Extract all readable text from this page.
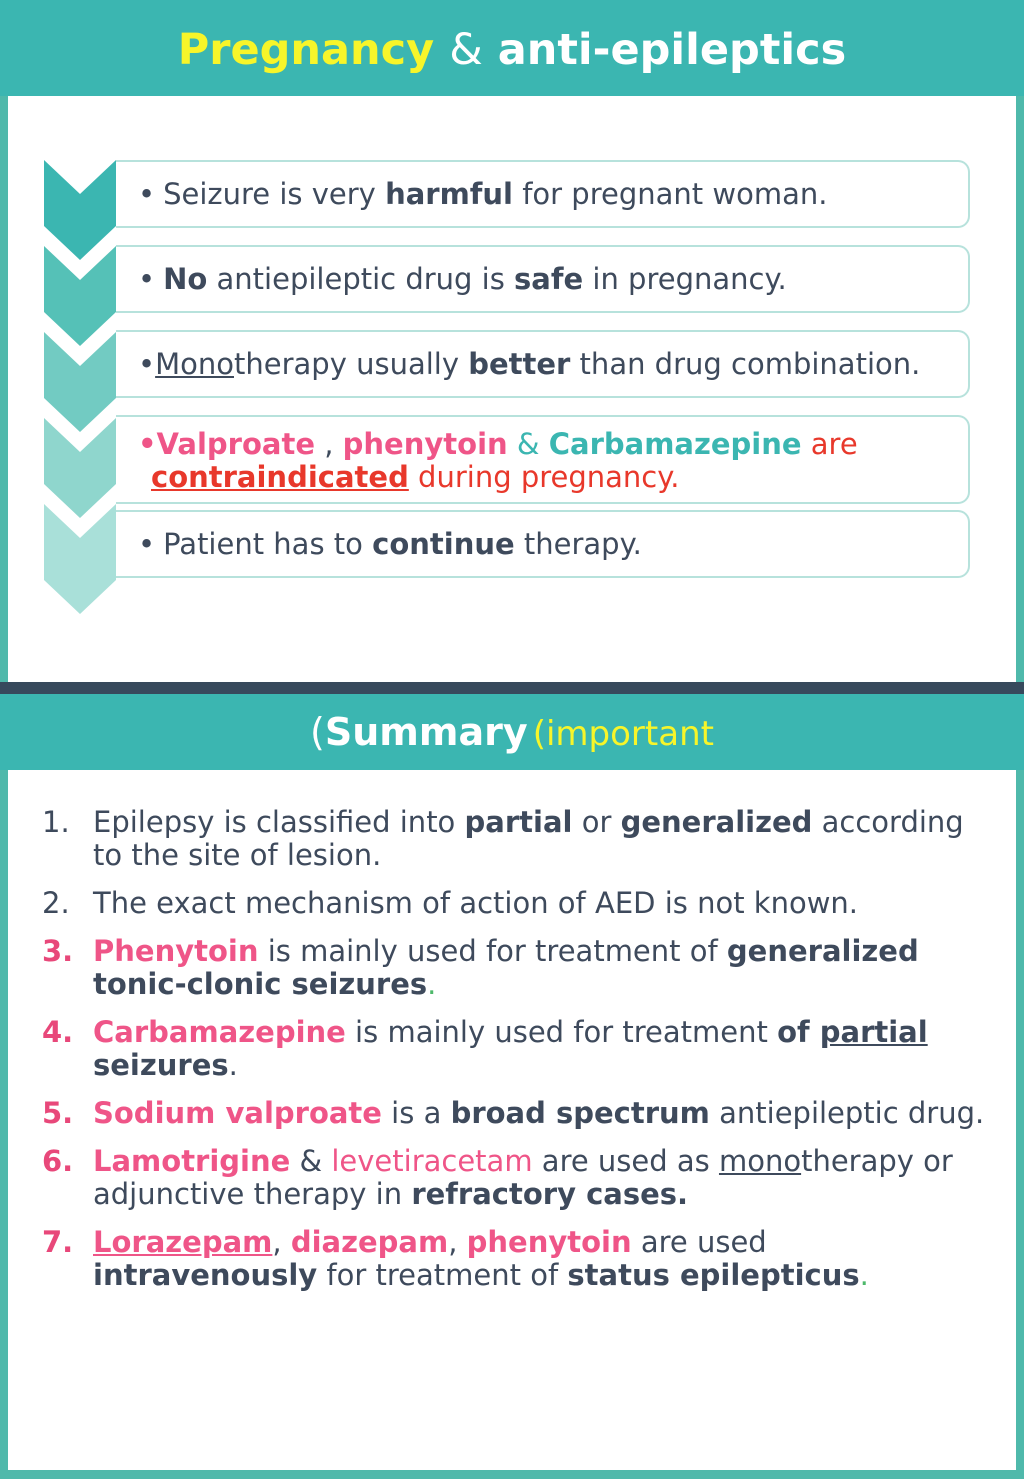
Pregnancy & anti-epileptics
• Seizure is very harmful for pregnant woman.
• No antiepileptic drug is safe in pregnancy.
•Monotherapy usually better than drug combination.
•Valproate , phenytoin & Carbamazepine are
contraindicated during pregnancy.
• Patient has to continue therapy.
(Summary (important
1. Epilepsy is classified into partial or generalized according to the site of lesion.
2. The exact mechanism of action of AED is not known.
3. Phenytoin is mainly used for treatment of generalized tonic-clonic seizures.
4. Carbamazepine is mainly used for treatment of partial seizures.
5. Sodium valproate is a broad spectrum antiepileptic drug.
6. Lamotrigine & levetiracetam are used as monotherapy or adjunctive therapy in refractory cases.
7. Lorazepam, diazepam, phenytoin are used intravenously for treatment of status epilepticus.
